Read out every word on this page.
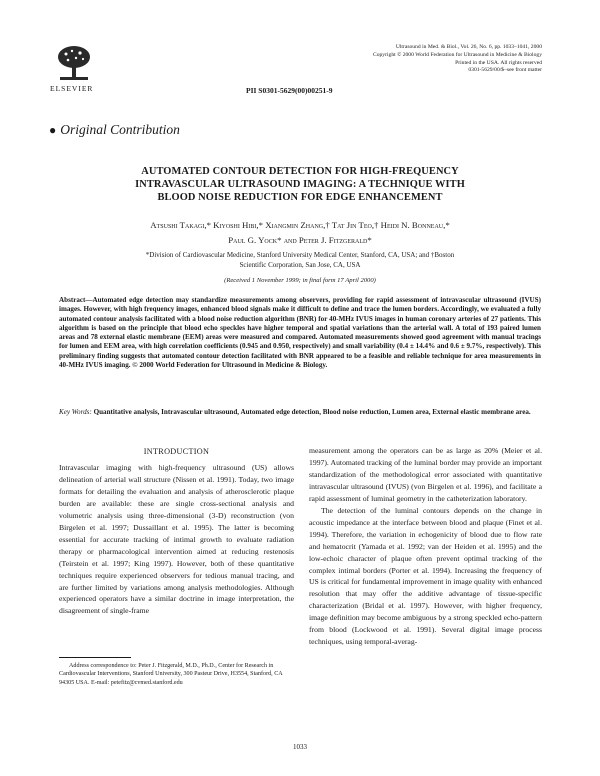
ELSEVIER
Ultrasound in Med. & Biol., Vol. 26, No. 6, pp. 1033–1041, 2000
Copyright © 2000 World Federation for Ultrasound in Medicine & Biology
Printed in the USA. All rights reserved
0301-5629/00/$–see front matter
PII S0301-5629(00)00251-9
● Original Contribution
AUTOMATED CONTOUR DETECTION FOR HIGH-FREQUENCY
INTRAVASCULAR ULTRASOUND IMAGING: A TECHNIQUE WITH
BLOOD NOISE REDUCTION FOR EDGE ENHANCEMENT
Atsushi Takagi,* Kiyoshi Hibi,* Xiangmin Zhang,† Tat Jin Teo,† Heidi N. Bonneau,*
Paul G. Yock* and Peter J. Fitzgerald*
*Division of Cardiovascular Medicine, Stanford University Medical Center, Stanford, CA, USA; and †Boston
Scientific Corporation, San Jose, CA, USA
(Received 1 November 1999; in final form 17 April 2000)
Abstract—Automated edge detection may standardize measurements among observers, providing for rapid assessment of intravascular ultrasound (IVUS) images. However, with high frequency images, enhanced blood signals make it difficult to define and trace the lumen borders. Accordingly, we evaluated a fully automated contour analysis facilitated with a blood noise reduction algorithm (BNR) for 40-MHz IVUS images in human coronary arteries of 27 patients. This algorithm is based on the principle that blood echo speckles have higher temporal and spatial variations than the arterial wall. A total of 193 paired lumen areas and 78 external elastic membrane (EEM) areas were measured and compared. Automated measurements showed good agreement with manual tracings for lumen and EEM area, with high correlation coefficients (0.945 and 0.950, respectively) and small variability (0.4 ± 14.4% and 0.6 ± 9.7%, respectively). This preliminary finding suggests that automated contour detection facilitated with BNR appeared to be a feasible and reliable technique for area measurements in 40-MHz IVUS imaging. © 2000 World Federation for Ultrasound in Medicine & Biology.
Key Words: Quantitative analysis, Intravascular ultrasound, Automated edge detection, Blood noise reduction, Lumen area, External elastic membrane area.
INTRODUCTION

Intravascular imaging with high-frequency ultrasound (US) allows delineation of arterial wall structure (Nissen et al. 1991). Today, two image formats for detailing the evaluation and analysis of atherosclerotic plaque burden are available: these are single cross-sectional analysis and volumetric analysis using three-dimensional (3-D) reconstruction (von Birgelen et al. 1997; Dussaillant et al. 1995). The latter is becoming essential for accurate tracking of intimal growth to evaluate radiation therapy or pharmacological intervention aimed at reducing restenosis (Teirstein et al. 1997; King 1997). However, both of these quantitative techniques require experienced observers for tedious manual tracing, and are further limited by variations among analysis methodologies. Although experienced operators have a similar doctrine in image interpretation, the disagreement of single-frame

measurement among the operators can be as large as 20% (Meier et al. 1997). Automated tracking of the luminal border may provide an important standardization of the methodological error associated with quantitative intravascular ultrasound (IVUS) (von Birgelen et al. 1996), and facilitate a rapid assessment of luminal geometry in the catheterization laboratory.

The detection of the luminal contours depends on the change in acoustic impedance at the interface between blood and plaque (Finet et al. 1994). Therefore, the variation in echogenicity of blood due to flow rate and hematocrit (Yamada et al. 1992; van der Heiden et al. 1995) and the low-echoic character of plaque often prevent optimal tracking of the complex intimal borders (Porter et al. 1994). Increasing the frequency of US is critical for fundamental improvement in image quality with enhanced resolution that may offer the additive advantage of tissue-specific characterization (Bridal et al. 1997). However, with higher frequency, image definition may become ambiguous by a strong speckled echo-pattern from blood (Lockwood et al. 1991). Several digital image process techniques, using temporal-averag-

Address correspondence to: Peter J. Fitzgerald, M.D., Ph.D., Center for Research in Cardiovascular Interventions, Stanford University, 300 Pasteur Drive, H3554, Stanford, CA 94305 USA. E-mail: petefitz@cvmed.stanford.edu

1033
